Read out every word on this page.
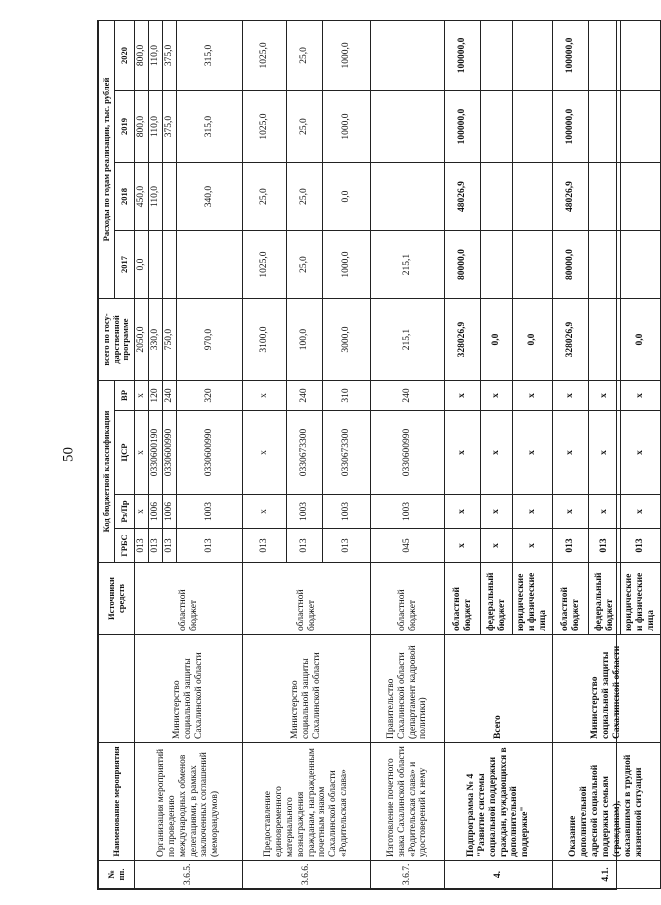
50
№ пп.	Наименование мероприятия		Источники средств	Код бюджетной классификации				всего по госу-дарственной программе	Расходы по годам реализации, тыс. рублей			
				ГРБС	Рз/Пр	ЦСР	ВР		2017	2018	2019	2020
3.6.5.	Организация мероприятий по проведению международных обменов делегациями, в рамках заключенных соглашений (меморандумов)	Министерство социальной защиты Сахалинской области	областной бюджет	013	x	x	x	2050,0	0,0	450,0	800,0	800,0
				013	1006	0330600190	120	330,0		110,0	110,0	110,0
				013	1006	0330600990	240	750,0			375,0	375,0
				013	1003	0330600990	320	970,0		340,0	315,0	315,0
3.6.6.	Предоставление единовременного материального вознаграждения гражданам, награжденным почетным знаком Сахалинской области «Родительская слава»	Министерство социальной защиты Сахалинской области	областной бюджет	013	x	x	x	3100,0	1025,0	25,0	1025,0	1025,0
				013	1003	0330673300	240	100,0	25,0	25,0	25,0	25,0
				013	1003	0330673300	310	3000,0	1000,0	0,0	1000,0	1000,0
3.6.7.	Изготовление почетного знака Сахалинской области «Родительская слава» и удостоверений к нему	Правительство Сахалинской области (департамент кадровой политики)	областной бюджет	045	1003	0330600990	240	215,1	215,1			
4.	Подпрограмма № 4 "Развитие системы социальной поддержки граждан, нуждающихся в дополнительной поддержке"	Всего	областной бюджет	x	x	x	x	328026,9	80000,0	48026,9	100000,0	100000,0
			федеральный бюджет	x	x	x	x	0,0				
			юридические и физические лица	x	x	x	x	0,0				
4.1.	Оказание дополнительной адресной социальной поддержки семьям (гражданам), оказавшимся в трудной жизненной ситуации	Министерство социальной защиты Сахалинской области	областной бюджет	013	x	x	x	328026,9	80000,0	48026,9	100000,0	100000,0
			федеральный бюджет	013	x	x	x					
			юридические и физические лица	013	x	x	x	0,0				
